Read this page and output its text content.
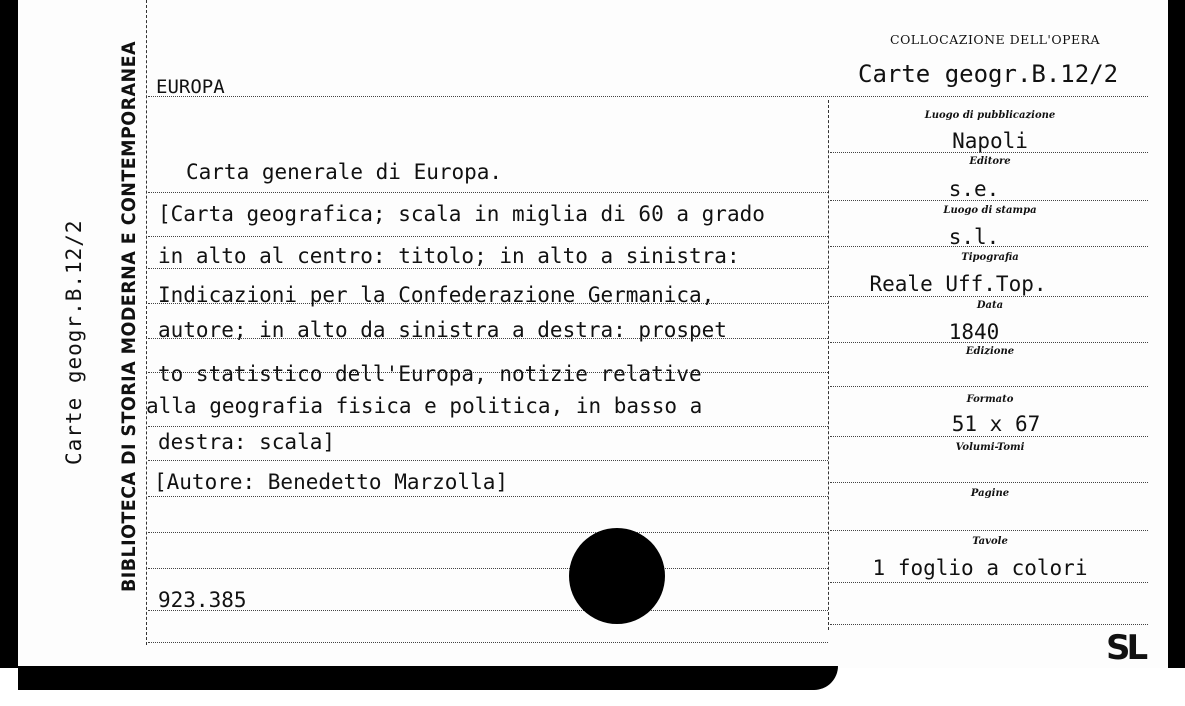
Carte geogr.B.12/2 BIBLIOTECA DI STORIA MODERNA E CONTEMPORANEA
COLLOCAZIONE DELL'OPERA
Carte geogr.B.12/2
EUROPA
Carta generale di Europa.
[Carta geografica; scala in miglia di 60 a grado
in alto al centro: titolo; in alto a sinistra:
Indicazioni per la Confederazione Germanica,
autore; in alto da sinistra a destra: prospet
to statistico dell'Europa, notizie relative
alla geografia fisica e politica, in basso a
destra: scala]
[Autore: Benedetto Marzolla]
923.385
Luogo di pubblicazione
Napoli
Editore
s.e.
Luogo di stampa
s.l.
Tipografia
Reale Uff.Top.
Data
1840
Edizione
Formato
51 x 67
Volumi-Tomi
Pagine
Tavole
1 foglio a colori
SL
